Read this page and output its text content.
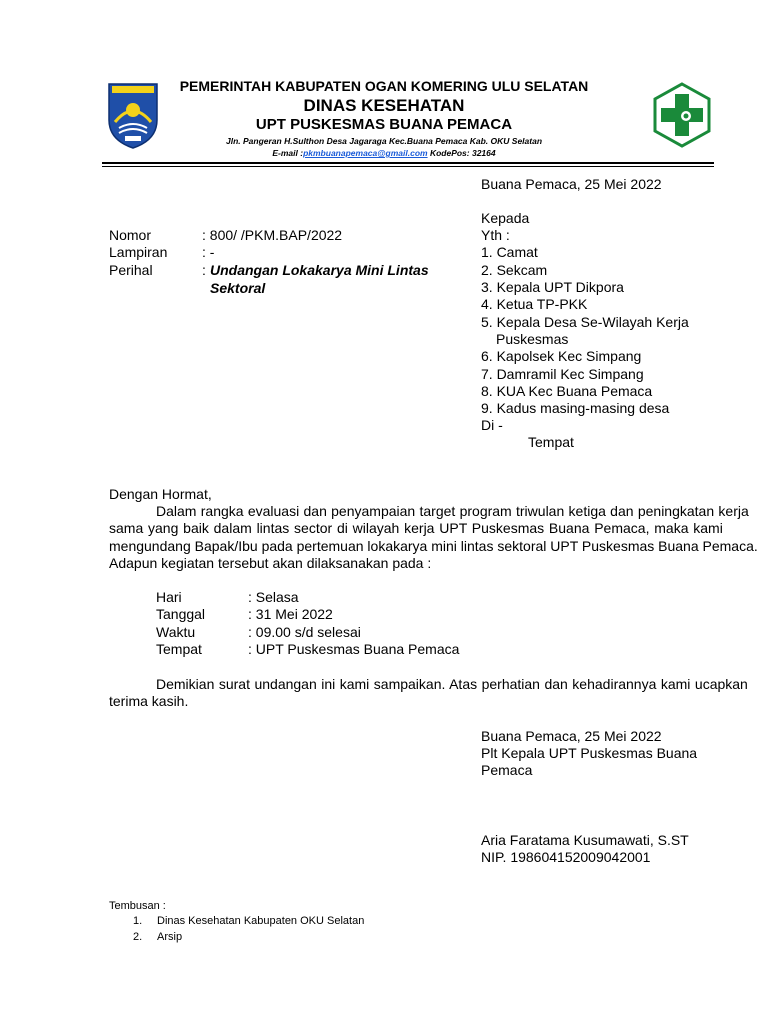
PEMERINTAH KABUPATEN OGAN KOMERING ULU SELATAN
DINAS KESEHATAN
UPT PUSKESMAS BUANA PEMACA
Jln. Pangeran H.Sulthon Desa Jagaraga Kec.Buana Pemaca Kab. OKU Selatan
E-mail :pkmbuanapemaca@gmail.com KodePos: 32164
Buana Pemaca, 25 Mei 2022
Nomor	: 800/ /PKM.BAP/2022
Lampiran : -
Perihal	: Undangan Lokakarya Mini Lintas
Sektoral
Kepada
Yth :
1. Camat
2. Sekcam
3. Kepala UPT Dikpora
4. Ketua TP-PKK
5. Kepala Desa Se-Wilayah Kerja
Puskesmas
6. Kapolsek Kec Simpang
7. Damramil Kec Simpang
8. KUA Kec Buana Pemaca
9. Kadus masing-masing desa
Di -
Tempat
Dengan Hormat,
Dalam rangka evaluasi dan penyampaian target program triwulan ketiga dan peningkatan kerja
sama yang baik dalam lintas sector di wilayah kerja UPT Puskesmas Buana Pemaca, maka kami
mengundang Bapak/Ibu pada pertemuan lokakarya mini lintas sektoral UPT Puskesmas Buana Pemaca.
Adapun kegiatan tersebut akan dilaksanakan pada :
Hari	: Selasa
Tanggal	: 31 Mei 2022
Waktu	: 09.00 s/d selesai
Tempat	: UPT Puskesmas Buana Pemaca
Demikian surat undangan ini kami sampaikan. Atas perhatian dan kehadirannya kami ucapkan
terima kasih.
Buana Pemaca, 25 Mei 2022
Plt Kepala UPT Puskesmas Buana
Pemaca
Aria Faratama Kusumawati, S.ST
NIP. 198604152009042001
Tembusan :
1. Dinas Kesehatan Kabupaten OKU Selatan
2. Arsip
